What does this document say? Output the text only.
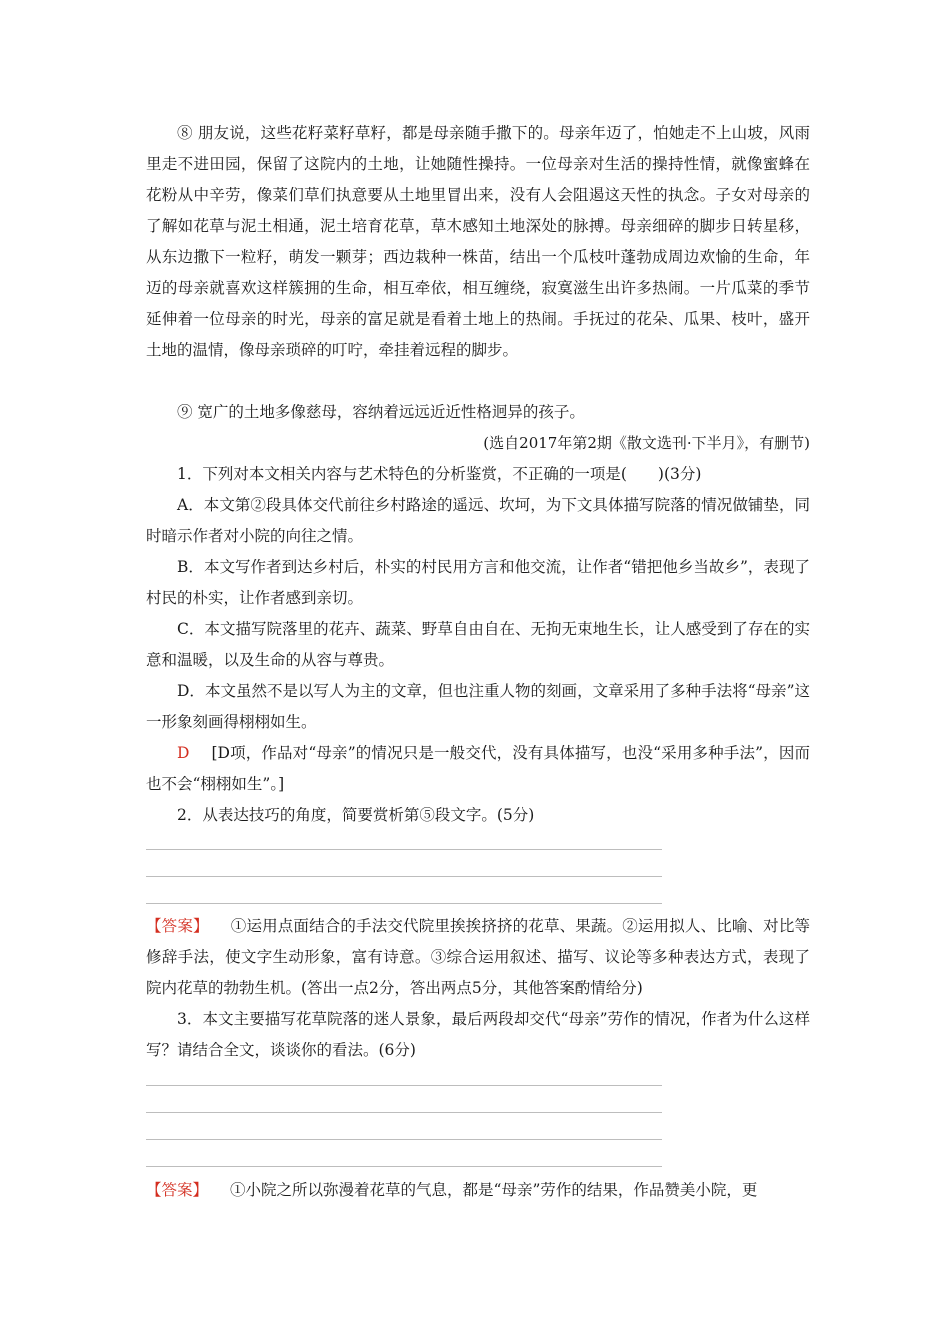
⑧ 朋友说，这些花籽菜籽草籽，都是母亲随手撒下的。母亲年迈了，怕她走不上山坡，风雨里走不进田园，保留了这院内的土地，让她随性操持。一位母亲对生活的操持性情，就像蜜蜂在花粉从中辛劳，像菜们草们执意要从土地里冒出来，没有人会阻遏这天性的执念。子女对母亲的了解如花草与泥土相通，泥土培育花草，草木感知土地深处的脉搏。母亲细碎的脚步日转星移，从东边撒下一粒籽，萌发一颗芽；西边栽种一株苗，结出一个瓜枝叶蓬勃成周边欢愉的生命，年迈的母亲就喜欢这样簇拥的生命，相互牵依，相互缠绕，寂寞滋生出许多热闹。一片瓜菜的季节延伸着一位母亲的时光，母亲的富足就是看着土地上的热闹。手抚过的花朵、瓜果、枝叶，盛开土地的温情，像母亲琐碎的叮咛，牵挂着远程的脚步。

⑨ 宽广的土地多像慈母，容纳着远远近近性格迥异的孩子。

(选自2017年第2期《散文选刊·下半月》，有删节)

1．下列对本文相关内容与艺术特色的分析鉴赏，不正确的一项是(　　)(3分)

A．本文第②段具体交代前往乡村路途的遥远、坎坷，为下文具体描写院落的情况做铺垫，同时暗示作者对小院的向往之情。

B．本文写作者到达乡村后，朴实的村民用方言和他交流，让作者“错把他乡当故乡”，表现了村民的朴实，让作者感到亲切。

C．本文描写院落里的花卉、蔬菜、野草自由自在、无拘无束地生长，让人感受到了存在的实意和温暖，以及生命的从容与尊贵。

D．本文虽然不是以写人为主的文章，但也注重人物的刻画，文章采用了多种手法将“母亲”这一形象刻画得栩栩如生。

D [D项，作品对“母亲”的情况只是一般交代，没有具体描写，也没“采用多种手法”，因而也不会“栩栩如生”。]

2．从表达技巧的角度，简要赏析第⑤段文字。(5分)

【答案】 ①运用点面结合的手法交代院里挨挨挤挤的花草、果蔬。②运用拟人、比喻、对比等修辞手法，使文字生动形象，富有诗意。③综合运用叙述、描写、议论等多种表达方式，表现了院内花草的勃勃生机。(答出一点2分，答出两点5分，其他答案酌情给分)

3．本文主要描写花草院落的迷人景象，最后两段却交代“母亲”劳作的情况，作者为什么这样写？请结合全文，谈谈你的看法。(6分)

【答案】 ①小院之所以弥漫着花草的气息，都是“母亲”劳作的结果，作品赞美小院，更
